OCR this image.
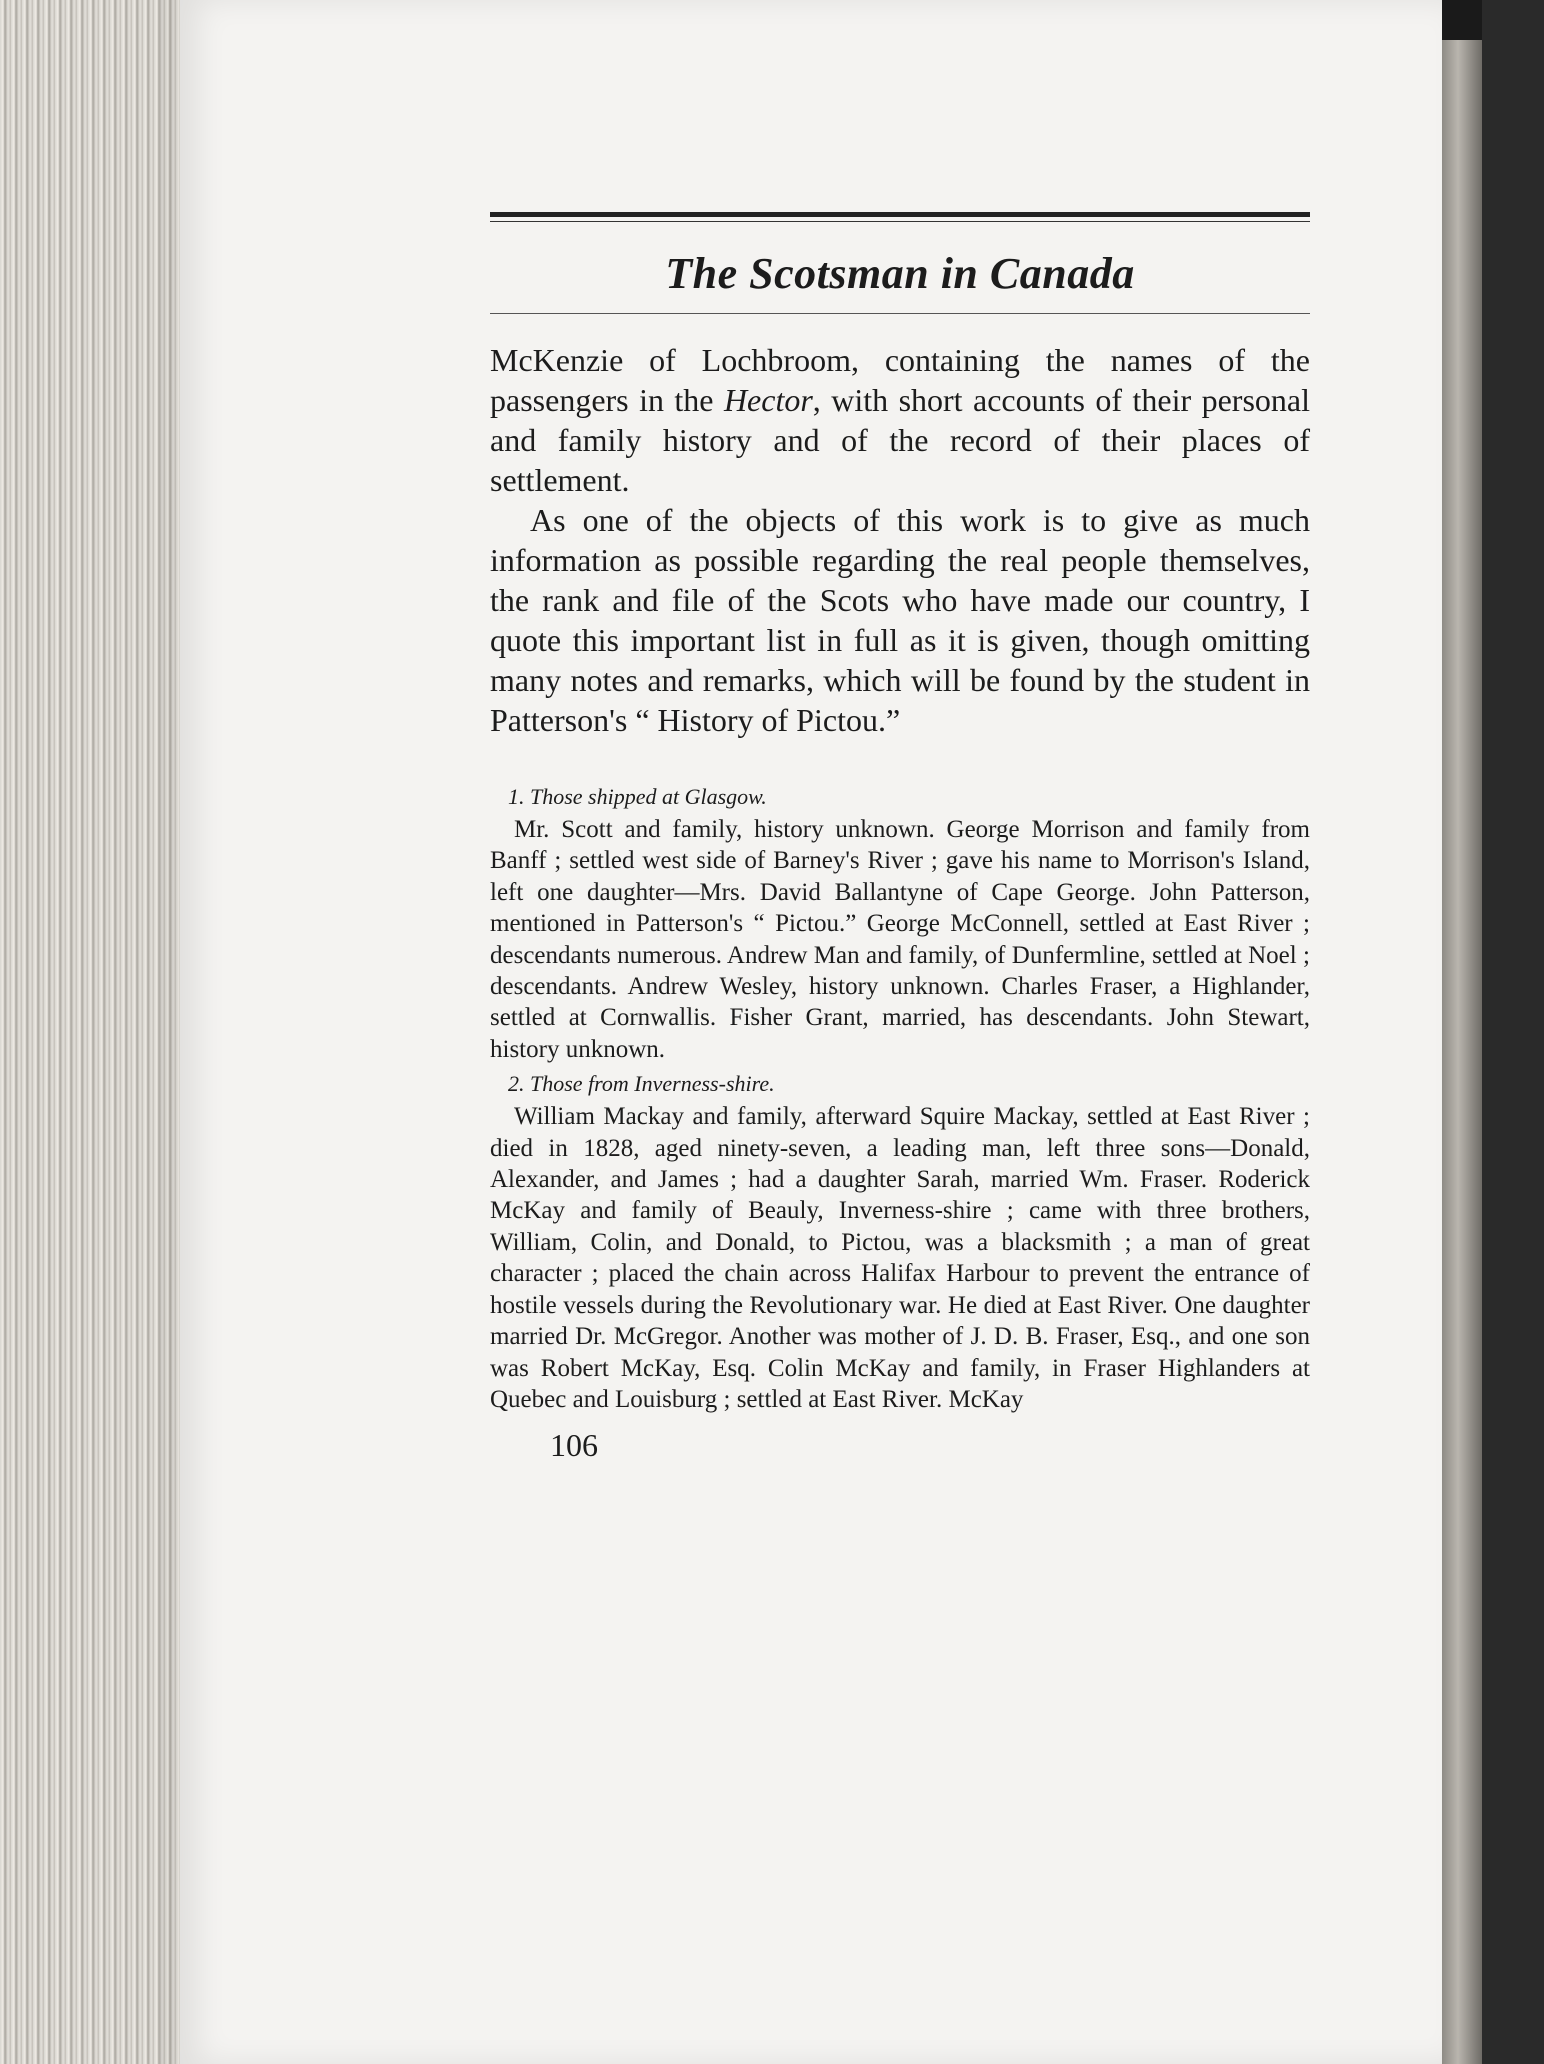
The Scotsman in Canada

McKenzie of Lochbroom, containing the names of the passengers in the Hector, with short accounts of their personal and family history and of the record of their places of settlement.

As one of the objects of this work is to give as much information as possible regarding the real people themselves, the rank and file of the Scots who have made our country, I quote this important list in full as it is given, though omitting many notes and remarks, which will be found by the student in Patterson's “ History of Pictou.”

1. Those shipped at Glasgow.

Mr. Scott and family, history unknown. George Morrison and family from Banff ; settled west side of Barney's River ; gave his name to Morrison's Island, left one daughter—Mrs. David Ballantyne of Cape George. John Patterson, mentioned in Patterson's “ Pictou.” George McConnell, settled at East River ; descendants numerous. Andrew Man and family, of Dunfermline, settled at Noel ; descendants. Andrew Wesley, history unknown. Charles Fraser, a Highlander, settled at Cornwallis. Fisher Grant, married, has descendants. John Stewart, history unknown.

2. Those from Inverness-shire.

William Mackay and family, afterward Squire Mackay, settled at East River ; died in 1828, aged ninety-seven, a leading man, left three sons—Donald, Alexander, and James ; had a daughter Sarah, married Wm. Fraser. Roderick McKay and family of Beauly, Inverness-shire ; came with three brothers, William, Colin, and Donald, to Pictou, was a blacksmith ; a man of great character ; placed the chain across Halifax Harbour to prevent the entrance of hostile vessels during the Revolutionary war. He died at East River. One daughter married Dr. McGregor. Another was mother of J. D. B. Fraser, Esq., and one son was Robert McKay, Esq. Colin McKay and family, in Fraser Highlanders at Quebec and Louisburg ; settled at East River. McKay

106
